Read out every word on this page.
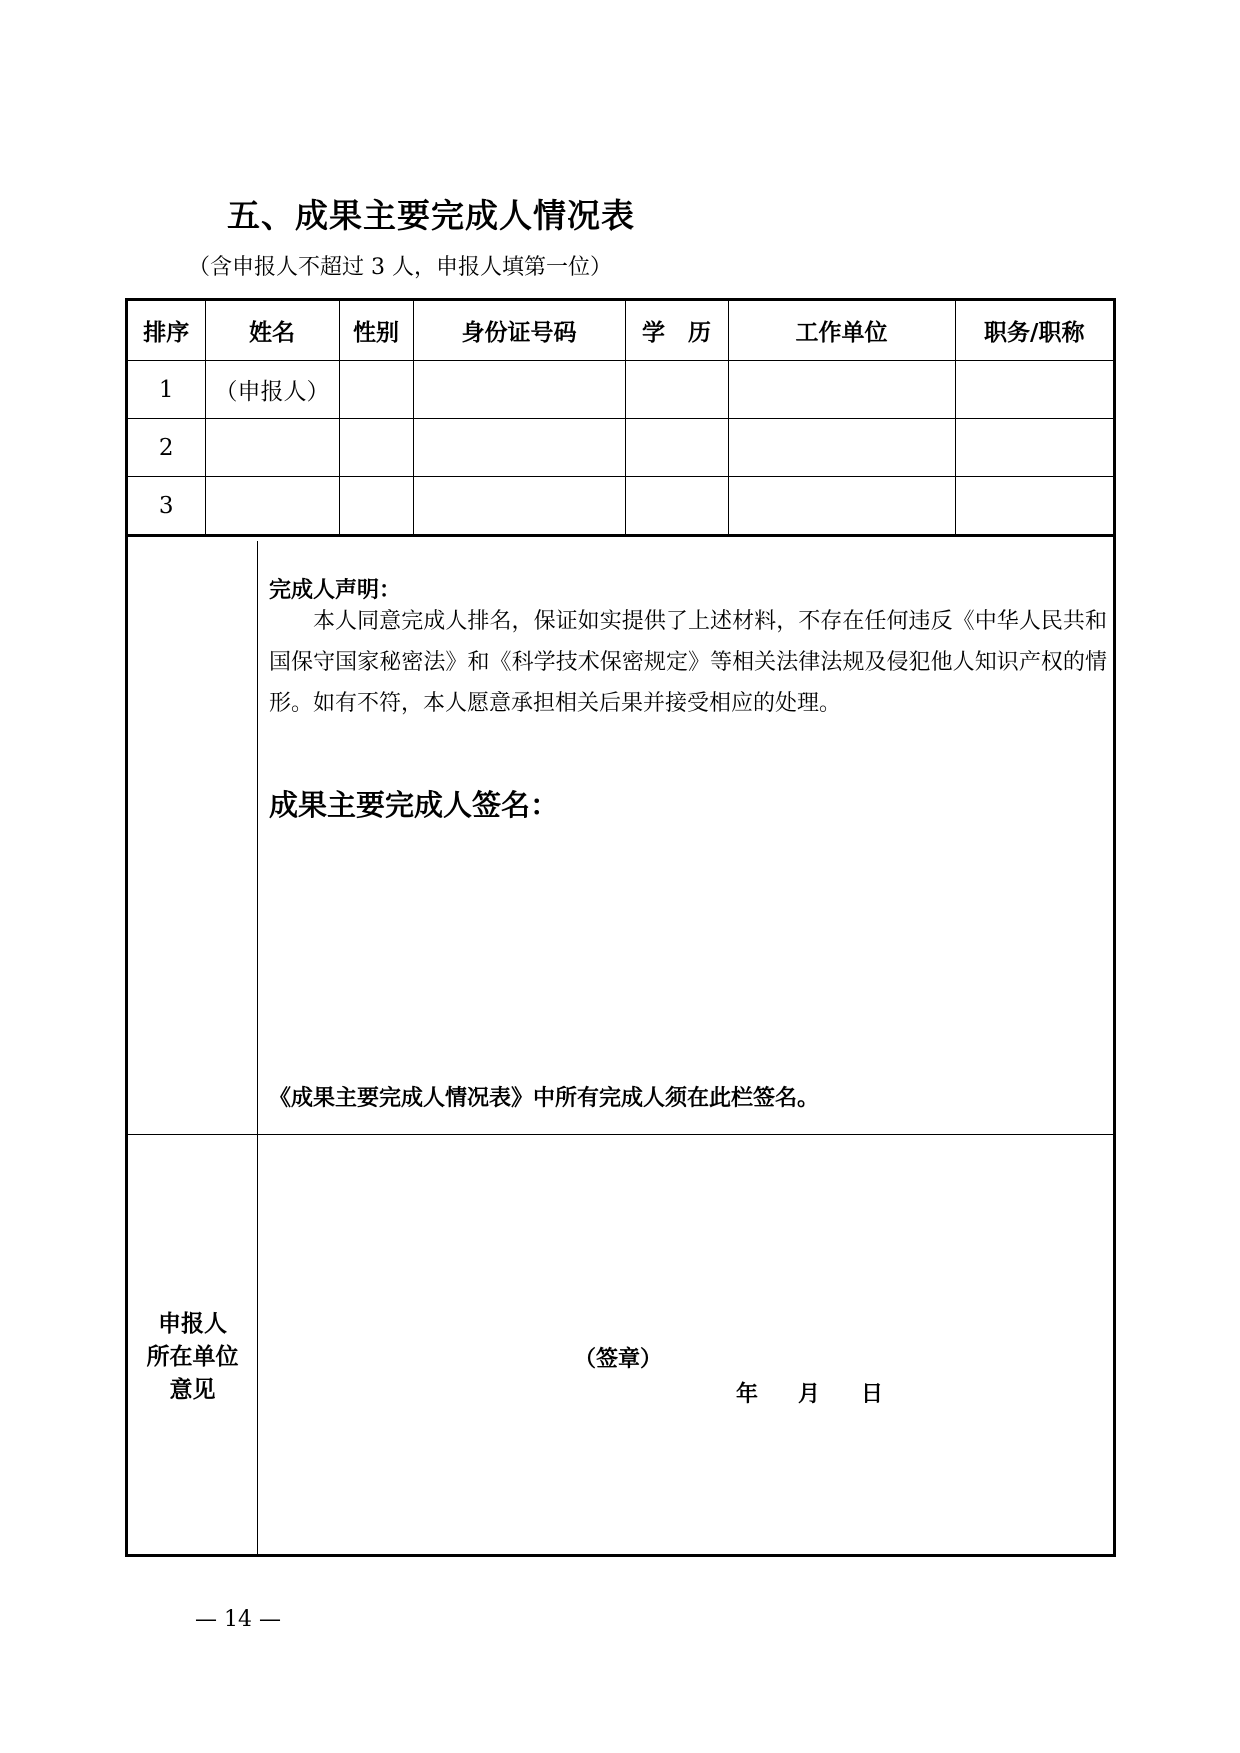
五、成果主要完成人情况表
（含申报人不超过 3 人，申报人填第一位）
排序	姓名	性别	身份证号码	学　历	工作单位	职务/职称
1	（申报人）					
2						
3						
完成人声明：
本人同意完成人排名，保证如实提供了上述材料，不存在任何违反《中华人民共和国保守国家秘密法》和《科学技术保密规定》等相关法律法规及侵犯他人知识产权的情形。如有不符，本人愿意承担相关后果并接受相应的处理。
成果主要完成人签名：
《成果主要完成人情况表》中所有完成人须在此栏签名。
申报人
所在单位
意见
（签章）
年 月 日
— 14 —
